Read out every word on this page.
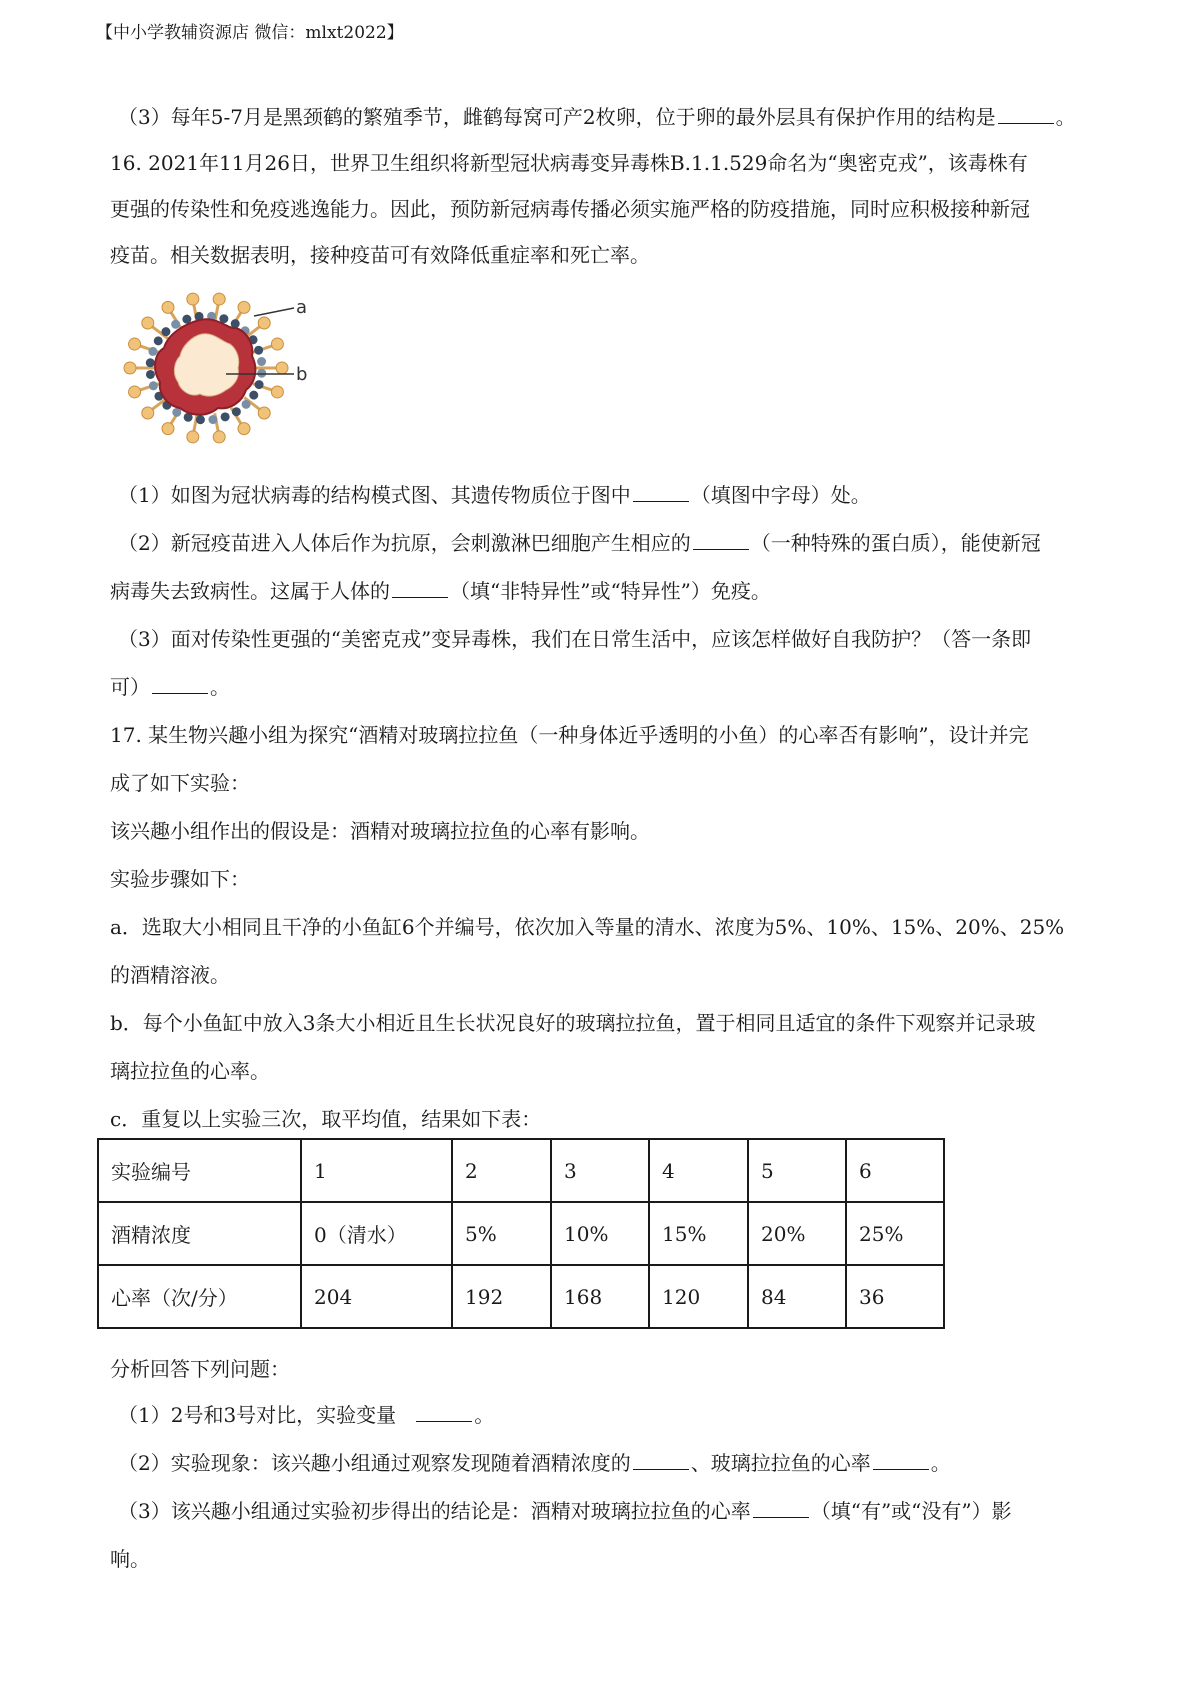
【中小学教辅资源店 微信：mlxt2022】
（3）每年5-7月是黑颈鹤的繁殖季节，雌鹤每窝可产2枚卵，位于卵的最外层具有保护作用的结构是	。
16. 2021年11月26日，世界卫生组织将新型冠状病毒变异毒株B.1.1.529命名为“奥密克戎”，该毒株有
更强的传染性和免疫逃逸能力。因此，预防新冠病毒传播必须实施严格的防疫措施，同时应积极接种新冠
疫苗。相关数据表明，接种疫苗可有效降低重症率和死亡率。
a
b
（1）如图为冠状病毒的结构模式图、其遗传物质位于图中	（填图中字母）处。
（2）新冠疫苗进入人体后作为抗原，会刺激淋巴细胞产生相应的	（一种特殊的蛋白质），能使新冠
病毒失去致病性。这属于人体的	（填“非特异性”或“特异性”）免疫。
（3）面对传染性更强的“美密克戎”变异毒株，我们在日常生活中，应该怎样做好自我防护？（答一条即
可）	。
17. 某生物兴趣小组为探究“酒精对玻璃拉拉鱼（一种身体近乎透明的小鱼）的心率否有影响”，设计并完
成了如下实验：
该兴趣小组作出的假设是：酒精对玻璃拉拉鱼的心率有影响。
实验步骤如下：
a．选取大小相同且干净的小鱼缸6个并编号，依次加入等量的清水、浓度为5%、10%、15%、20%、25%
的酒精溶液。
b．每个小鱼缸中放入3条大小相近且生长状况良好的玻璃拉拉鱼，置于相同且适宜的条件下观察并记录玻
璃拉拉鱼的心率。
c．重复以上实验三次，取平均值，结果如下表：
实验编号	1	2	3	4	5	6
酒精浓度	0（清水）	5%	10%	15%	20%	25%
心率（次/分）	204	192	168	120	84	36
分析回答下列问题：
（1）2号和3号对比，实验变量	。
（2）实验现象：该兴趣小组通过观察发现随着酒精浓度的	、玻璃拉拉鱼的心率	。
（3）该兴趣小组通过实验初步得出的结论是：酒精对玻璃拉拉鱼的心率	（填“有”或“没有”）影
响。
